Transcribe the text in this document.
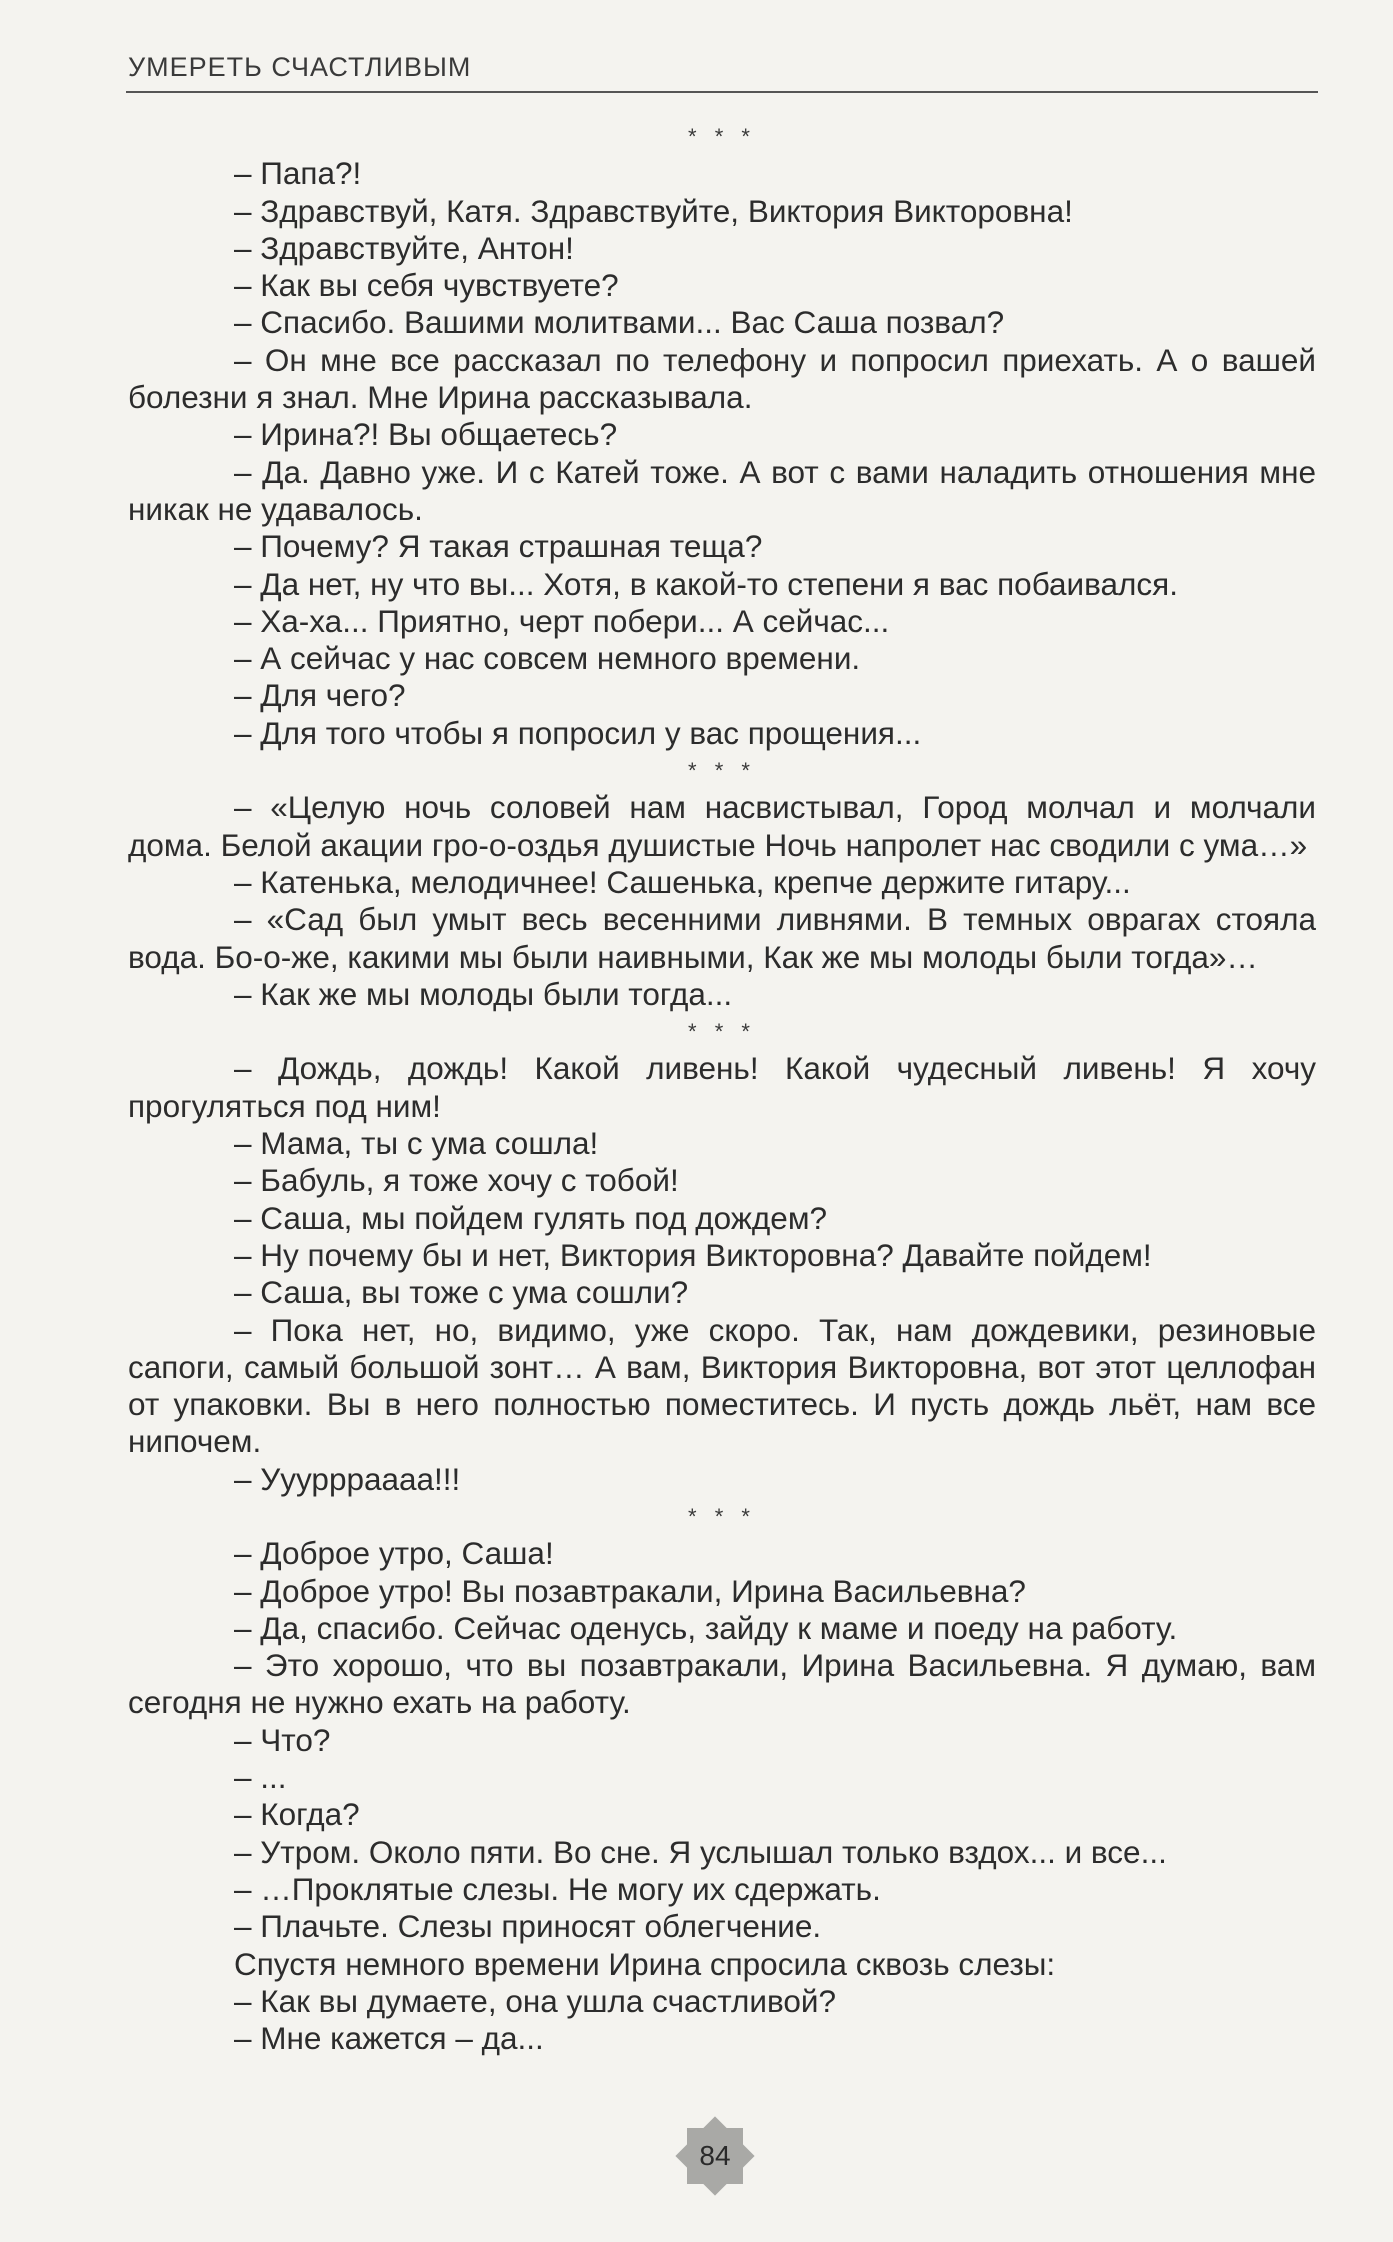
УМЕРЕТЬ СЧАСТЛИВЫМ

* * *

– Папа?!

– Здравствуй, Катя. Здравствуйте, Виктория Викторовна!

– Здравствуйте, Антон!

– Как вы себя чувствуете?

– Спасибо. Вашими молитвами... Вас Саша позвал?

– Он мне все рассказал по телефону и попросил приехать. А о вашей болезни я знал. Мне Ирина рассказывала.

– Ирина?! Вы общаетесь?

– Да. Давно уже. И с Катей тоже. А вот с вами наладить отношения мне никак не удавалось.

– Почему? Я такая страшная теща?

– Да нет, ну что вы... Хотя, в какой-то степени я вас побаивался.

– Ха-ха... Приятно, черт побери... А сейчас...

– А сейчас у нас совсем немного времени.

– Для чего?

– Для того чтобы я попросил у вас прощения...

* * *

– «Целую ночь соловей нам насвистывал, Город молчал и молчали дома. Белой акации гро-о-оздья душистые Ночь напролет нас сводили с ума…»

– Катенька, мелодичнее! Сашенька, крепче держите гитару...

– «Сад был умыт весь весенними ливнями. В темных оврагах стояла вода. Бо-о-же, какими мы были наивными, Как же мы молоды были тогда»…

– Как же мы молоды были тогда...

* * *

– Дождь, дождь! Какой ливень! Какой чудесный ливень! Я хочу прогуляться под ним!

– Мама, ты с ума сошла!

– Бабуль, я тоже хочу с тобой!

– Саша, мы пойдем гулять под дождем?

– Ну почему бы и нет, Виктория Викторовна? Давайте пойдем!

– Саша, вы тоже с ума сошли?

– Пока нет, но, видимо, уже скоро. Так, нам дождевики, резиновые сапоги, самый большой зонт… А вам, Виктория Викторовна, вот этот целлофан от упаковки. Вы в него полностью поместитесь. И пусть дождь льёт, нам все нипочем.

– Уууррраааа!!!

* * *

– Доброе утро, Саша!

– Доброе утро! Вы позавтракали, Ирина Васильевна?

– Да, спасибо. Сейчас оденусь, зайду к маме и поеду на работу.

– Это хорошо, что вы позавтракали, Ирина Васильевна. Я думаю, вам сегодня не нужно ехать на работу.

– Что?

– ...

– Когда?

– Утром. Около пяти. Во сне. Я услышал только вздох... и все...

– …Проклятые слезы. Не могу их сдержать.

– Плачьте. Слезы приносят облегчение.

Спустя немного времени Ирина спросила сквозь слезы:

– Как вы думаете, она ушла счастливой?

– Мне кажется – да...

84
